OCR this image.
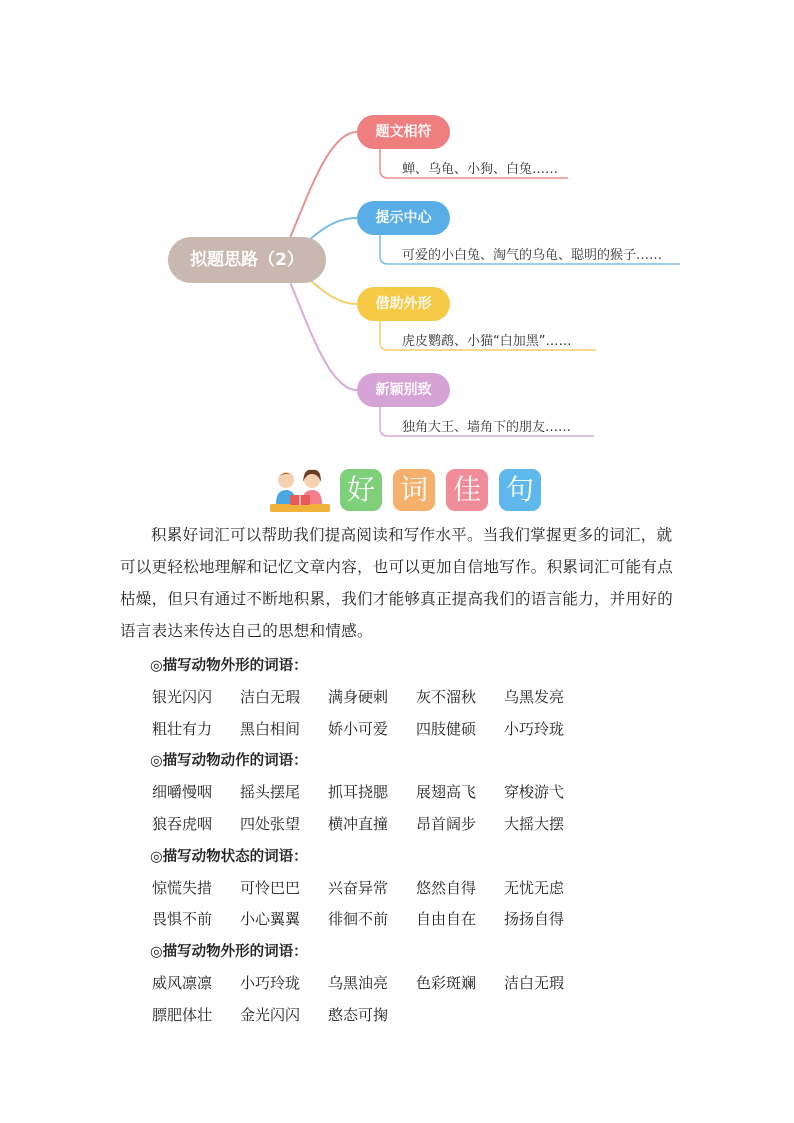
拟题思路（2）
题文相符
蝉、乌龟、小狗、白兔……
提示中心
可爱的小白兔、淘气的乌龟、聪明的猴子……
借助外形
虎皮鹦鹉、小猫“白加黑”……
新颖别致
独角大王、墙角下的朋友……
好 词 佳 句

积累好词汇可以帮助我们提高阅读和写作水平。当我们掌握更多的词汇，就可以更轻松地理解和记忆文章内容，也可以更加自信地写作。积累词汇可能有点枯燥，但只有通过不断地积累，我们才能够真正提高我们的语言能力，并用好的语言表达来传达自己的思想和情感。

◎描写动物外形的词语：
银光闪闪 洁白无瑕 满身硬刺 灰不溜秋 乌黑发亮
粗壮有力 黑白相间 娇小可爱 四肢健硕 小巧玲珑
◎描写动物动作的词语：
细嚼慢咽 摇头摆尾 抓耳挠腮 展翅高飞 穿梭游弋
狼吞虎咽 四处张望 横冲直撞 昂首阔步 大摇大摆
◎描写动物状态的词语：
惊慌失措 可怜巴巴 兴奋异常 悠然自得 无忧无虑
畏惧不前 小心翼翼 徘徊不前 自由自在 扬扬自得
◎描写动物外形的词语：
威风凛凛 小巧玲珑 乌黑油亮 色彩斑斓 洁白无瑕
膘肥体壮 金光闪闪 憨态可掬
